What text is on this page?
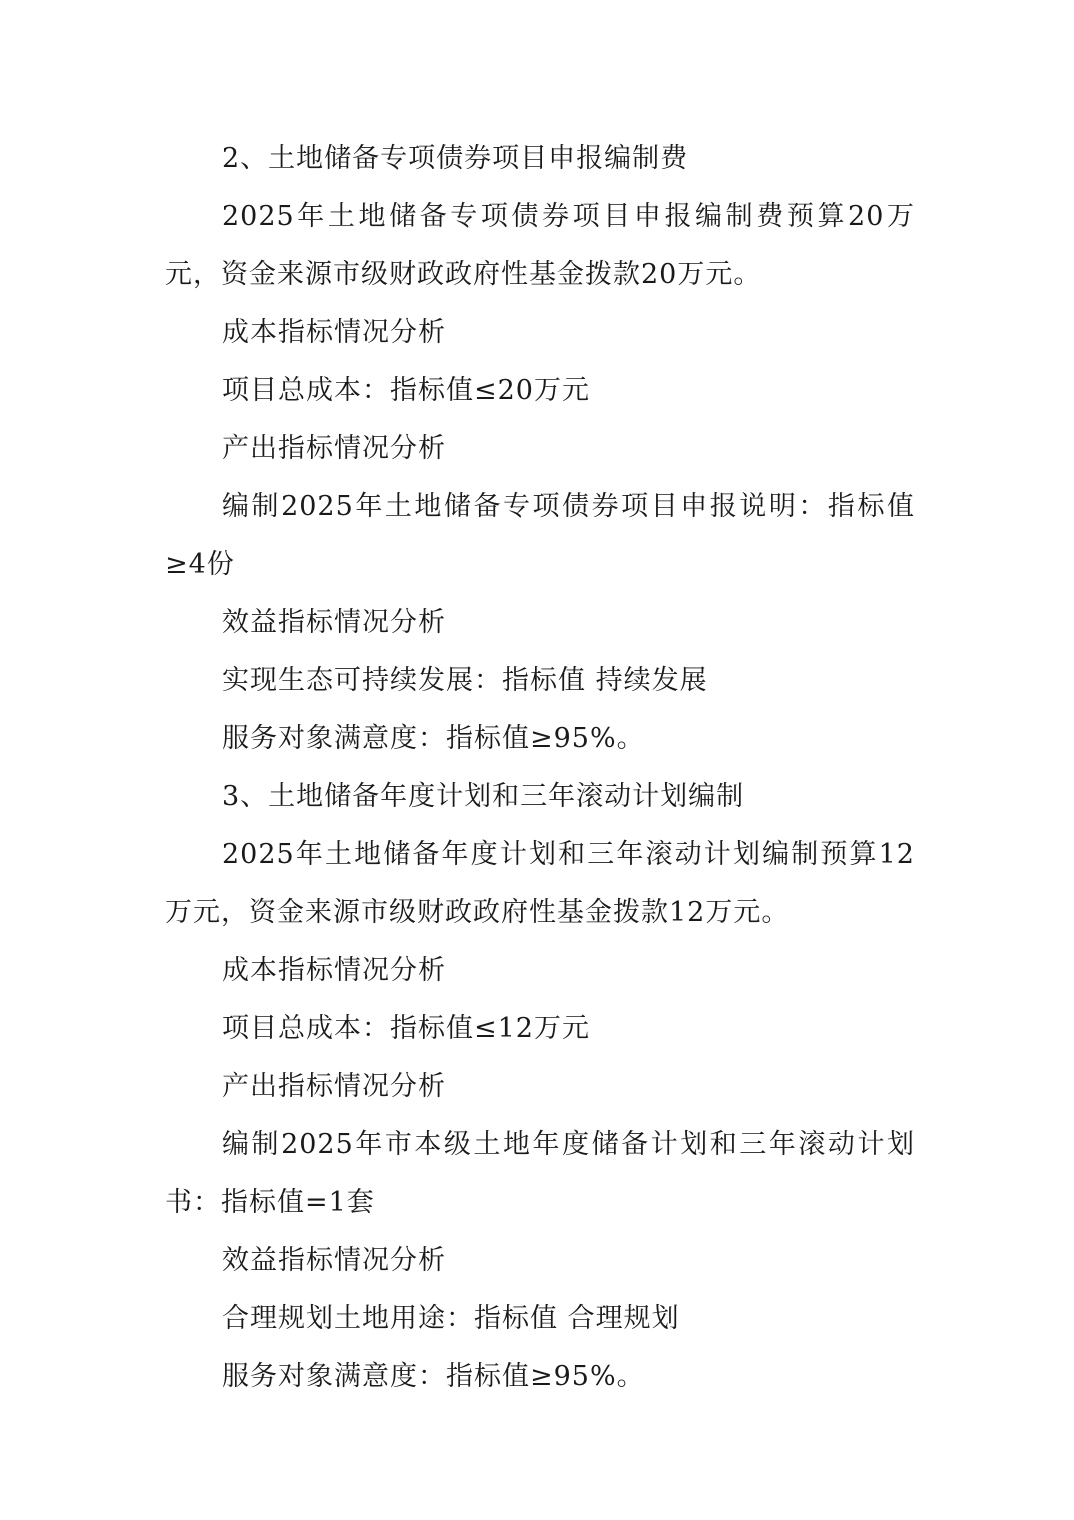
2、土地储备专项债券项目申报编制费

2025年土地储备专项债券项目申报编制费预算20万元，资金来源市级财政政府性基金拨款20万元。

成本指标情况分析

项目总成本：指标值≤20万元

产出指标情况分析

编制2025年土地储备专项债券项目申报说明：指标值≥4份

效益指标情况分析

实现生态可持续发展：指标值 持续发展

服务对象满意度：指标值≥95%。

3、土地储备年度计划和三年滚动计划编制

2025年土地储备年度计划和三年滚动计划编制预算12万元，资金来源市级财政政府性基金拨款12万元。

成本指标情况分析

项目总成本：指标值≤12万元

产出指标情况分析

编制2025年市本级土地年度储备计划和三年滚动计划书：指标值=1套

效益指标情况分析

合理规划土地用途：指标值 合理规划

服务对象满意度：指标值≥95%。
